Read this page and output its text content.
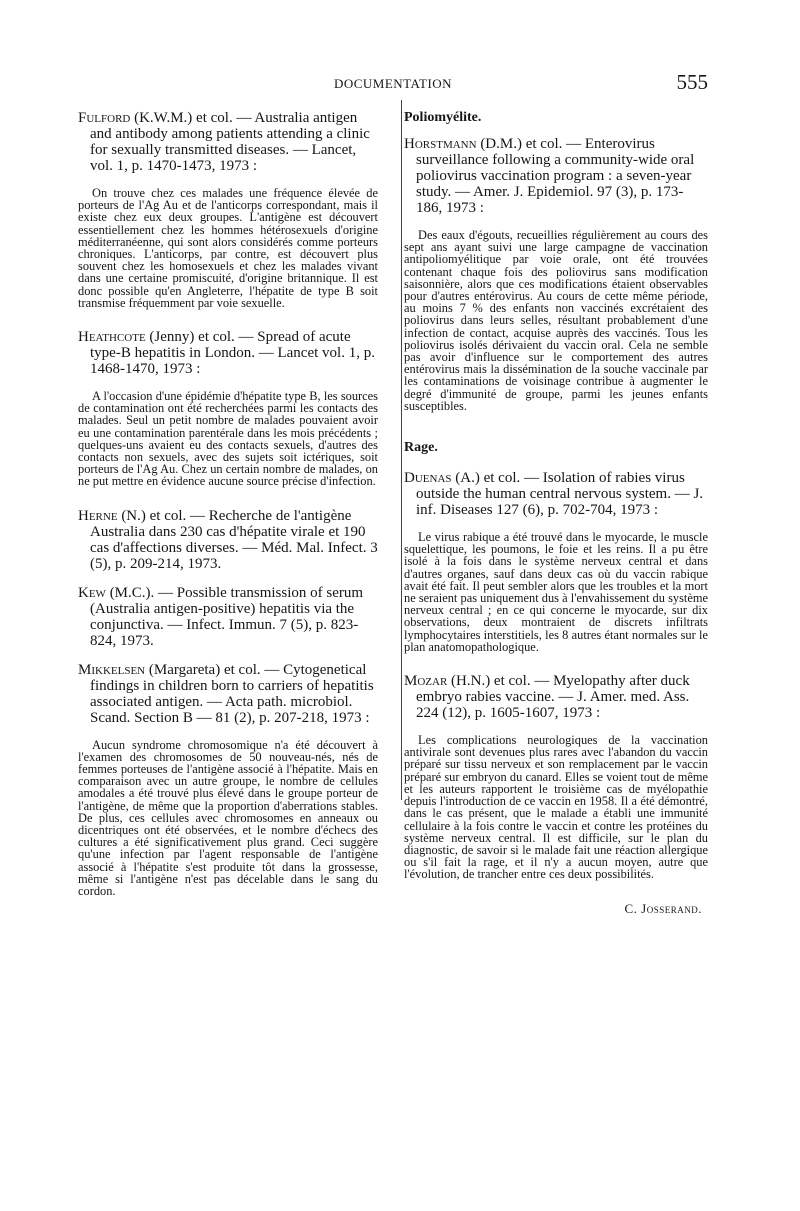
DOCUMENTATION	555

Fulford (K.W.M.) et col. — Australia antigen and antibody among patients attending a clinic for sexually transmitted diseases. — Lancet, vol. 1, p. 1470-1473, 1973 :

On trouve chez ces malades une fréquence élevée de porteurs de l'Ag Au et de l'anticorps correspondant, mais il existe chez eux deux groupes. L'antigène est découvert essentiellement chez les hommes hétérosexuels d'origine méditerranéenne, qui sont alors considérés comme porteurs chroniques. L'anticorps, par contre, est découvert plus souvent chez les homosexuels et chez les malades vivant dans une certaine promiscuité, d'origine britannique. Il est donc possible qu'en Angleterre, l'hépatite de type B soit transmise fréquemment par voie sexuelle.

Heathcote (Jenny) et col. — Spread of acute type-B hepatitis in London. — Lancet vol. 1, p. 1468-1470, 1973 :

A l'occasion d'une épidémie d'hépatite type B, les sources de contamination ont été recherchées parmi les contacts des malades. Seul un petit nombre de malades pouvaient avoir eu une contamination parentérale dans les mois précédents ; quelques-uns avaient eu des contacts sexuels, d'autres des contacts non sexuels, avec des sujets soit ictériques, soit porteurs de l'Ag Au. Chez un certain nombre de malades, on ne put mettre en évidence aucune source précise d'infection.

Herne (N.) et col. — Recherche de l'antigène Australia dans 230 cas d'hépatite virale et 190 cas d'affections diverses. — Méd. Mal. Infect. 3 (5), p. 209-214, 1973.

Kew (M.C.). — Possible transmission of serum (Australia antigen-positive) hepatitis via the conjunctiva. — Infect. Immun. 7 (5), p. 823-824, 1973.

Mikkelsen (Margareta) et col. — Cytogenetical findings in children born to carriers of hepatitis associated antigen. — Acta path. microbiol. Scand. Section B — 81 (2), p. 207-218, 1973 :

Aucun syndrome chromosomique n'a été découvert à l'examen des chromosomes de 50 nouveau-nés, nés de femmes porteuses de l'antigène associé à l'hépatite. Mais en comparaison avec un autre groupe, le nombre de cellules amodales a été trouvé plus élevé dans le groupe porteur de l'antigène, de même que la proportion d'aberrations stables. De plus, ces cellules avec chromosomes en anneaux ou dicentriques ont été observées, et le nombre d'échecs des cultures a été significativement plus grand. Ceci suggère qu'une infection par l'agent responsable de l'antigène associé à l'hépatite s'est produite tôt dans la grossesse, même si l'antigène n'est pas décelable dans le sang du cordon.

Poliomyélite.

Horstmann (D.M.) et col. — Enterovirus surveillance following a community-wide oral poliovirus vaccination program : a seven-year study. — Amer. J. Epidemiol. 97 (3), p. 173-186, 1973 :

Des eaux d'égouts, recueillies régulièrement au cours des sept ans ayant suivi une large campagne de vaccination antipoliomyélitique par voie orale, ont été trouvées contenant chaque fois des poliovirus sans modification saisonnière, alors que ces modifications étaient observables pour d'autres entérovirus. Au cours de cette même période, au moins 7 % des enfants non vaccinés excrétaient des poliovirus dans leurs selles, résultant probablement d'une infection de contact, acquise auprès des vaccinés. Tous les poliovirus isolés dérivaient du vaccin oral. Cela ne semble pas avoir d'influence sur le comportement des autres entérovirus mais la dissémination de la souche vaccinale par les contaminations de voisinage contribue à augmenter le degré d'immunité de groupe, parmi les jeunes enfants susceptibles.

Rage.

Duenas (A.) et col. — Isolation of rabies virus outside the human central nervous system. — J. inf. Diseases 127 (6), p. 702-704, 1973 :

Le virus rabique a été trouvé dans le myocarde, le muscle squelettique, les poumons, le foie et les reins. Il a pu être isolé à la fois dans le système nerveux central et dans d'autres organes, sauf dans deux cas où du vaccin rabique avait été fait. Il peut sembler alors que les troubles et la mort ne seraient pas uniquement dus à l'envahissement du système nerveux central ; en ce qui concerne le myocarde, sur dix observations, deux montraient de discrets infiltrats lymphocytaires interstitiels, les 8 autres étant normales sur le plan anatomopathologique.

Mozar (H.N.) et col. — Myelopathy after duck embryo rabies vaccine. — J. Amer. med. Ass. 224 (12), p. 1605-1607, 1973 :

Les complications neurologiques de la vaccination antivirale sont devenues plus rares avec l'abandon du vaccin préparé sur tissu nerveux et son remplacement par le vaccin préparé sur embryon du canard. Elles se voient tout de même et les auteurs rapportent le troisième cas de myélopathie depuis l'introduction de ce vaccin en 1958. Il a été démontré, dans le cas présent, que le malade a établi une immunité cellulaire à la fois contre le vaccin et contre les protéines du système nerveux central. Il est difficile, sur le plan du diagnostic, de savoir si le malade fait une réaction allergique ou s'il fait la rage, et il n'y a aucun moyen, autre que l'évolution, de trancher entre ces deux possibilités.

C. Josserand.
